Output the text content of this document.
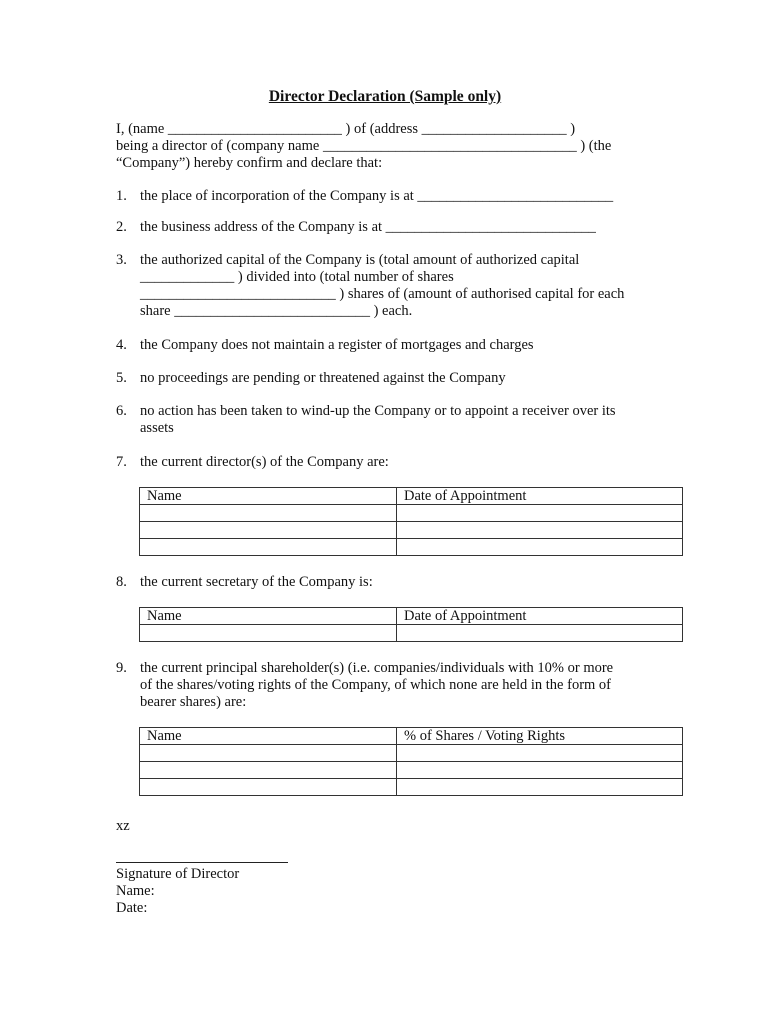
Director Declaration (Sample only)
I, (name ________________________ ) of (address ____________________ )
being a director of (company name ___________________________________ ) (the
“Company”) hereby confirm and declare that:
1. the place of incorporation of the Company is at ___________________________
2. the business address of the Company is at _____________________________
3. the authorized capital of the Company is (total amount of authorized capital
_____________ ) divided into (total number of shares
___________________________ ) shares of (amount of authorised capital for each
share ___________________________ ) each.
4. the Company does not maintain a register of mortgages and charges
5. no proceedings are pending or threatened against the Company
6. no action has been taken to wind-up the Company or to appoint a receiver over its
assets
7. the current director(s) of the Company are:
Name	Date of Appointment

8. the current secretary of the Company is:
Name	Date of Appointment

9. the current principal shareholder(s) (i.e. companies/individuals with 10% or more
of the shares/voting rights of the Company, of which none are held in the form of
bearer shares) are:
Name	% of Shares / Voting Rights

xz
Signature of Director
Name:
Date:
